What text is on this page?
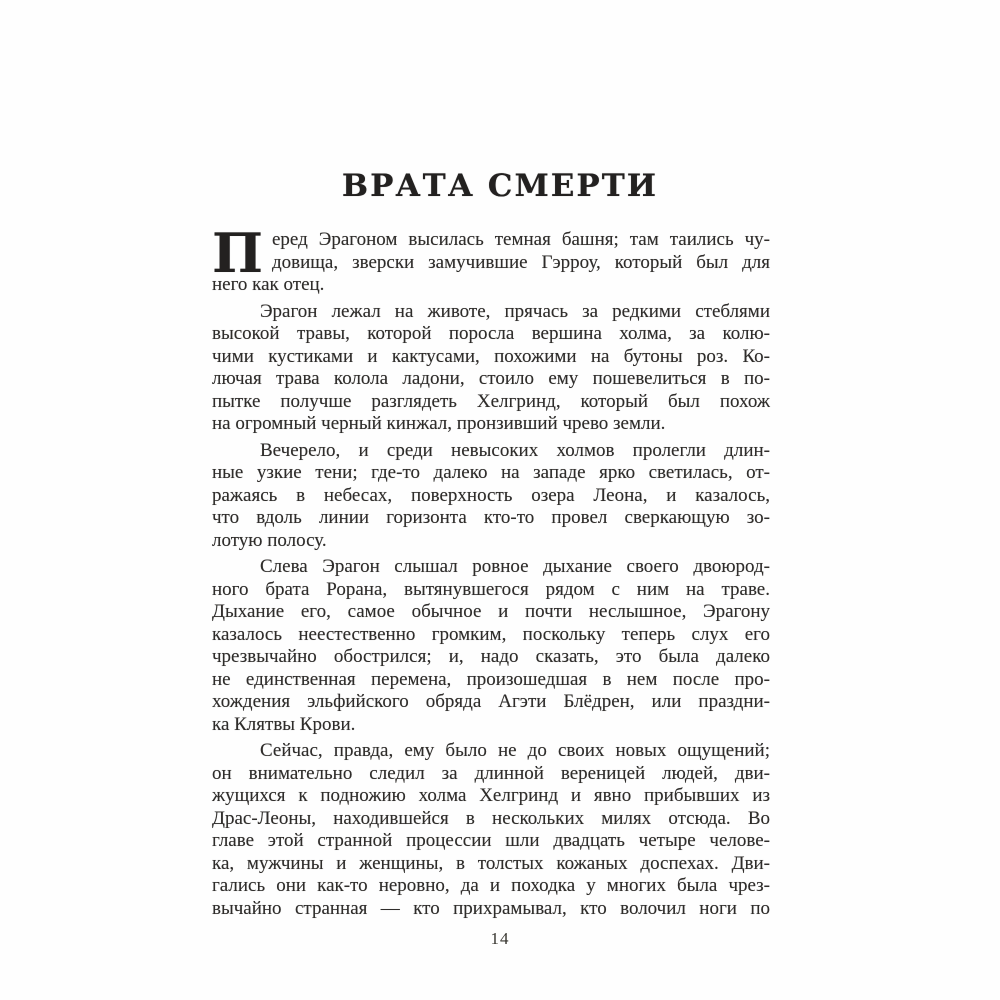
ВРАТА СМЕРТИ
П еред Эрагоном высилась темная башня; там таились чу-
довища, зверски замучившие Гэрроу, который был для
него как отец.
Эрагон лежал на животе, прячась за редкими стеблями
высокой травы, которой поросла вершина холма, за колю-
чими кустиками и кактусами, похожими на бутоны роз. Ко-
лючая трава колола ладони, стоило ему пошевелиться в по-
пытке получше разглядеть Хелгринд, который был похож
на огромный черный кинжал, пронзивший чрево земли.
Вечерело, и среди невысоких холмов пролегли длин-
ные узкие тени; где-то далеко на западе ярко светилась, от-
ражаясь в небесах, поверхность озера Леона, и казалось,
что вдоль линии горизонта кто-то провел сверкающую зо-
лотую полосу.
Слева Эрагон слышал ровное дыхание своего двоюрод-
ного брата Рорана, вытянувшегося рядом с ним на траве.
Дыхание его, самое обычное и почти неслышное, Эрагону
казалось неестественно громким, поскольку теперь слух его
чрезвычайно обострился; и, надо сказать, это была далеко
не единственная перемена, произошедшая в нем после про-
хождения эльфийского обряда Агэти Блёдрен, или праздни-
ка Клятвы Крови.
Сейчас, правда, ему было не до своих новых ощущений;
он внимательно следил за длинной вереницей людей, дви-
жущихся к подножию холма Хелгринд и явно прибывших из
Драс-Леоны, находившейся в нескольких милях отсюда. Во
главе этой странной процессии шли двадцать четыре челове-
ка, мужчины и женщины, в толстых кожаных доспехах. Дви-
гались они как-то неровно, да и походка у многих была чрез-
вычайно странная — кто прихрамывал, кто волочил ноги по
14
